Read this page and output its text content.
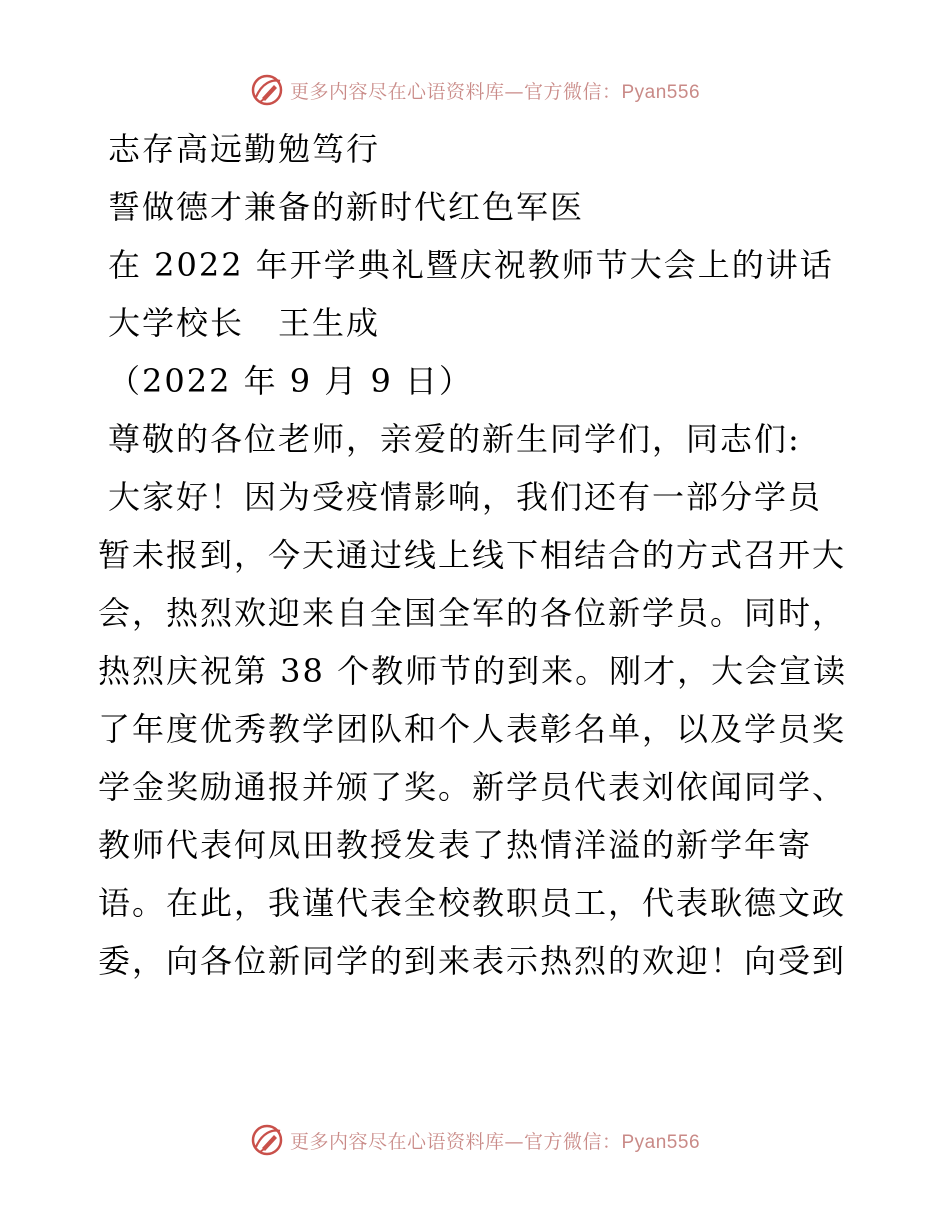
更多内容尽在心语资料库—官方微信：Pyan556
志存高远勤勉笃行
誓做德才兼备的新时代红色军医
在 2022 年开学典礼暨庆祝教师节大会上的讲话
大学校长　王生成
（2022 年 9 月 9 日）
尊敬的各位老师，亲爱的新生同学们，同志们:
大家好！因为受疫情影响，我们还有一部分学员
暂未报到，今天通过线上线下相结合的方式召开大
会，热烈欢迎来自全国全军的各位新学员。同时，
热烈庆祝第 38 个教师节的到来。刚才，大会宣读
了年度优秀教学团队和个人表彰名单，以及学员奖
学金奖励通报并颁了奖。新学员代表刘依闻同学、
教师代表何凤田教授发表了热情洋溢的新学年寄
语。在此，我谨代表全校教职员工，代表耿德文政
委，向各位新同学的到来表示热烈的欢迎！向受到
更多内容尽在心语资料库—官方微信：Pyan556
